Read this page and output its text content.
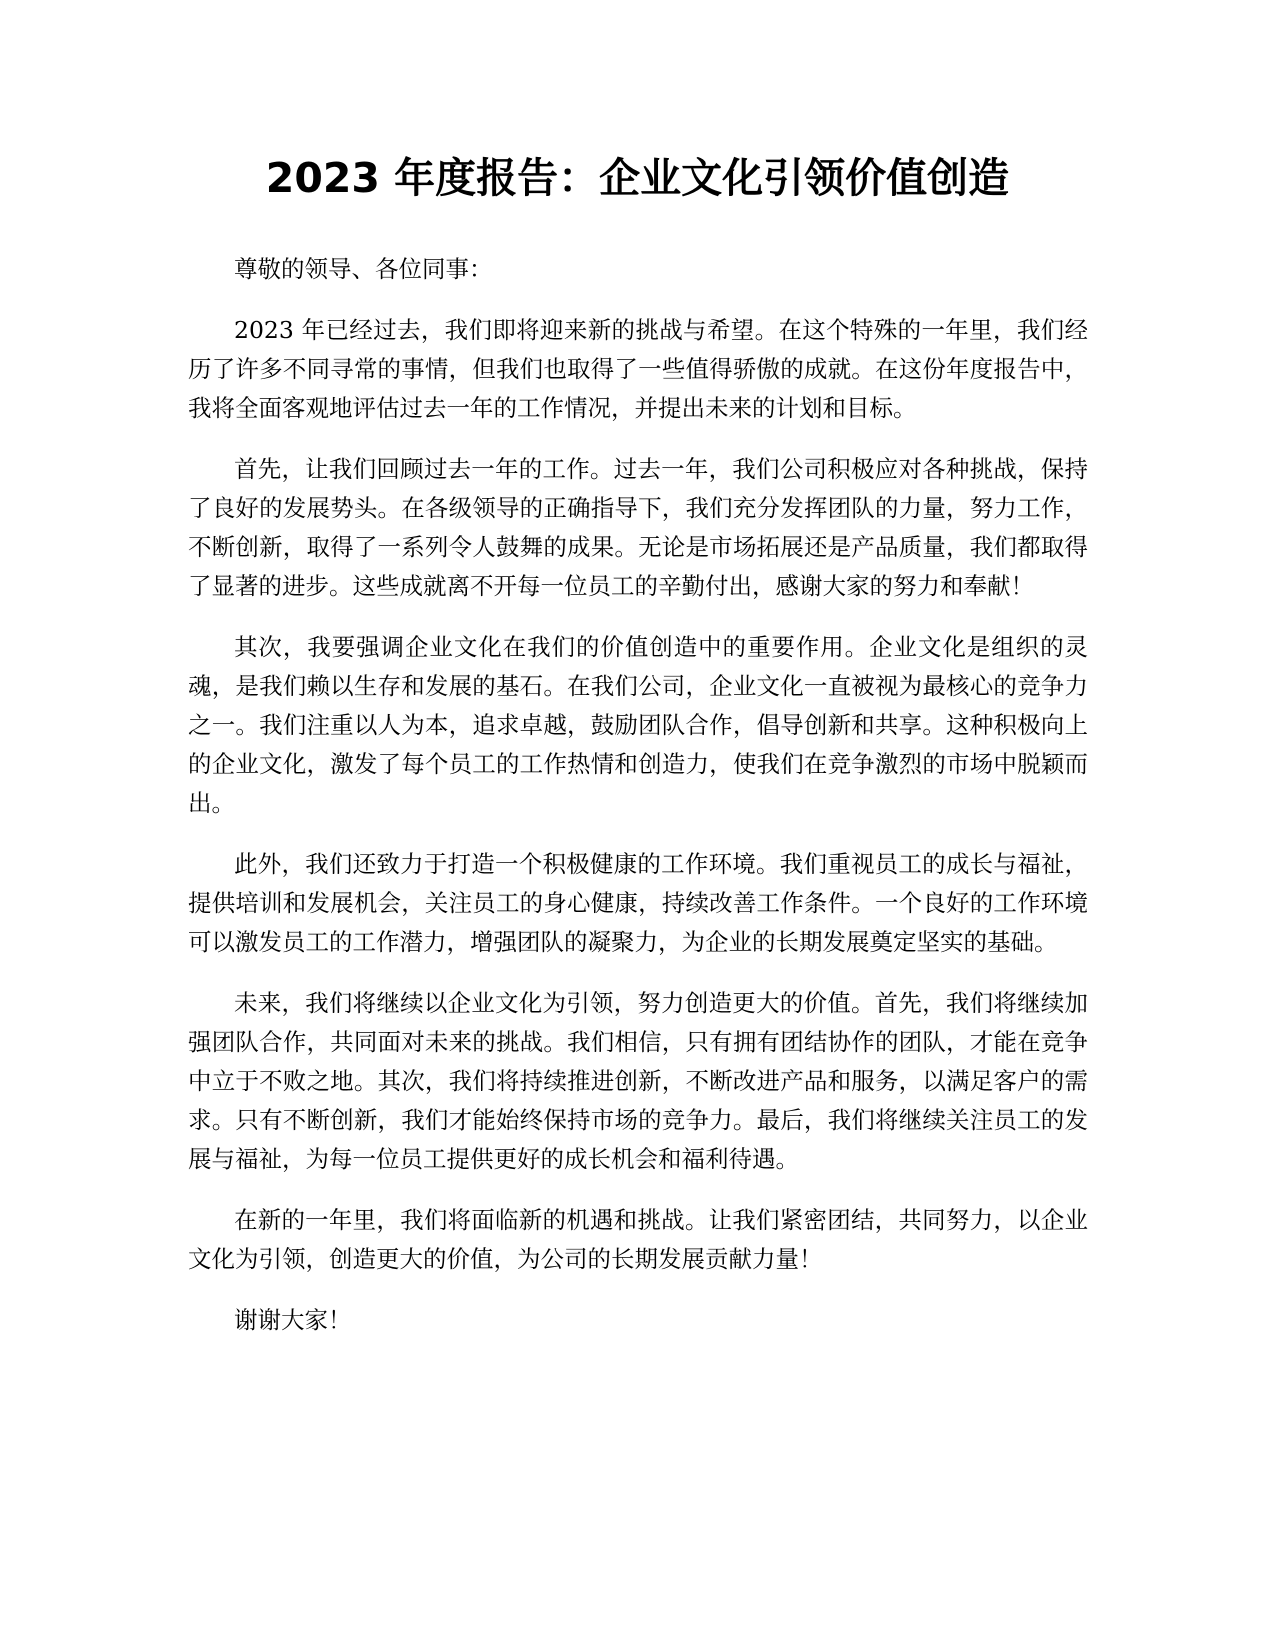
2023 年度报告：企业文化引领价值创造

尊敬的领导、各位同事：

2023 年已经过去，我们即将迎来新的挑战与希望。在这个特殊的一年里，我们经历了许多不同寻常的事情，但我们也取得了一些值得骄傲的成就。在这份年度报告中，我将全面客观地评估过去一年的工作情况，并提出未来的计划和目标。

首先，让我们回顾过去一年的工作。过去一年，我们公司积极应对各种挑战，保持了良好的发展势头。在各级领导的正确指导下，我们充分发挥团队的力量，努力工作，不断创新，取得了一系列令人鼓舞的成果。无论是市场拓展还是产品质量，我们都取得了显著的进步。这些成就离不开每一位员工的辛勤付出，感谢大家的努力和奉献！

其次，我要强调企业文化在我们的价值创造中的重要作用。企业文化是组织的灵魂，是我们赖以生存和发展的基石。在我们公司，企业文化一直被视为最核心的竞争力之一。我们注重以人为本，追求卓越，鼓励团队合作，倡导创新和共享。这种积极向上的企业文化，激发了每个员工的工作热情和创造力，使我们在竞争激烈的市场中脱颖而出。

此外，我们还致力于打造一个积极健康的工作环境。我们重视员工的成长与福祉，提供培训和发展机会，关注员工的身心健康，持续改善工作条件。一个良好的工作环境可以激发员工的工作潜力，增强团队的凝聚力，为企业的长期发展奠定坚实的基础。

未来，我们将继续以企业文化为引领，努力创造更大的价值。首先，我们将继续加强团队合作，共同面对未来的挑战。我们相信，只有拥有团结协作的团队，才能在竞争中立于不败之地。其次，我们将持续推进创新，不断改进产品和服务，以满足客户的需求。只有不断创新，我们才能始终保持市场的竞争力。最后，我们将继续关注员工的发展与福祉，为每一位员工提供更好的成长机会和福利待遇。

在新的一年里，我们将面临新的机遇和挑战。让我们紧密团结，共同努力，以企业文化为引领，创造更大的价值，为公司的长期发展贡献力量！

谢谢大家！
